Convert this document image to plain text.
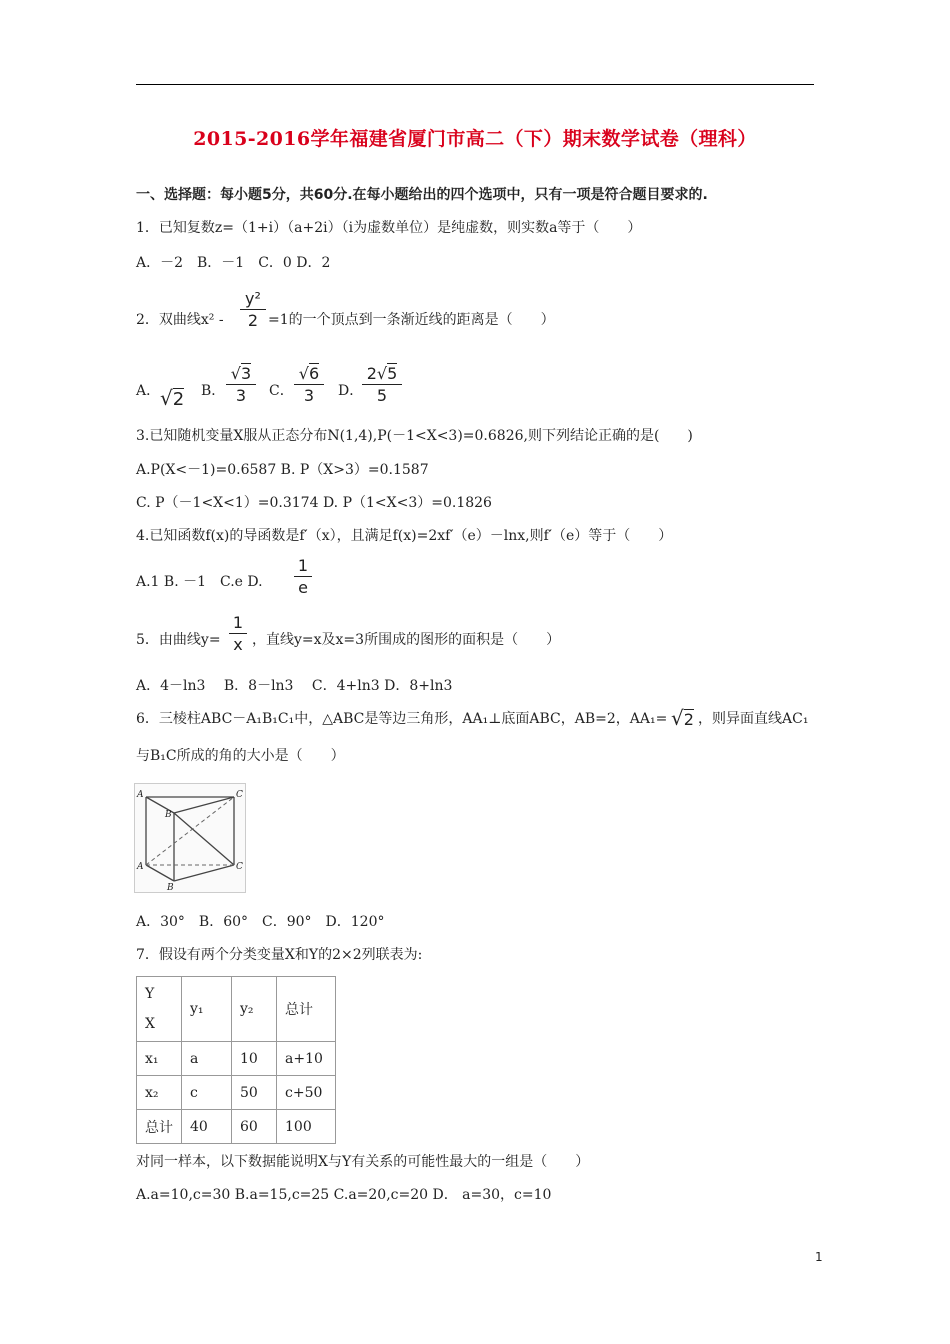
2015-2016学年福建省厦门市高二（下）期末数学试卷（理科）
一、选择题：每小题5分，共60分.在每小题给出的四个选项中，只有一项是符合题目要求的.
1．已知复数z=（1+i）（a+2i）（i为虚数单位）是纯虚数，则实数a等于（　　）
A．－2　B．－1　C．0 D．2
2．双曲线x² -
y²
2 =1的一个顶点到一条渐近线的距离是（　　）
A． √2 B．
√3
3	C．
√6
3	D．
2√5
5
3.已知随机变量X服从正态分布N(1,4),P(－1<X<3)=0.6826,则下列结论正确的是(　　)
A.P(X<－1)=0.6587 B. P（X>3）=0.1587
C. P（－1<X<1）=0.3174 D. P（1<X<3）=0.1826
4.已知函数f(x)的导函数是f′（x），且满足f(x)=2xf′（e）－lnx,则f′（e）等于（　　）
A.1 B. －1　C.e D.
1
e
5．由曲线y=
1
x ，直线y=x及x=3所围成的图形的面积是（　　）
A．4－ln3　 B．8－ln3　 C．4+ln3 D．8+ln3
6．三棱柱ABC－A₁B₁C₁中，△ABC是等边三角形，AA₁⊥底面ABC，AB=2，AA₁= √2 ，则异面直线AC₁
与B₁C所成的角的大小是（　　）
A	C
B
A	C
B
A．30°　B．60°　C．90°　D．120°
7．假设有两个分类变量X和Y的2×2列联表为:
Y
X	y₁	y₂	总计
x₁	a	10	a+10
x₂	c	50	c+50
总计	40	60	100
对同一样本，以下数据能说明X与Y有关系的可能性最大的一组是（　　）
A.a=10,c=30 B.a=15,c=25 C.a=20,c=20 D． a=30，c=10
1
